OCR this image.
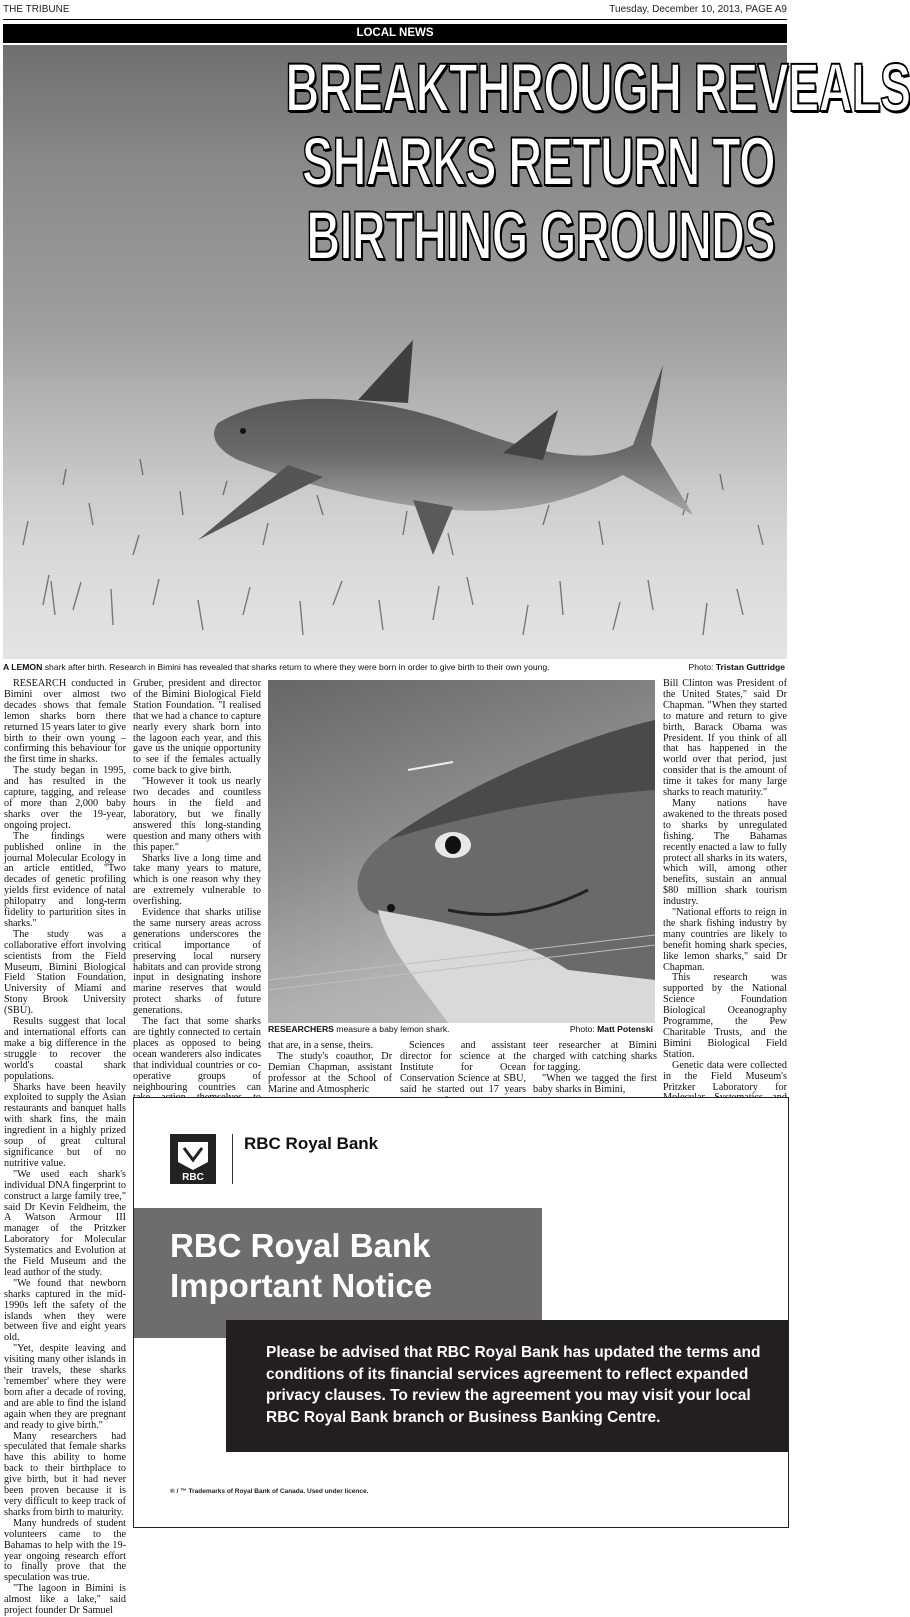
THE TRIBUNE	Tuesday, December 10, 2013, PAGE A9
LOCAL NEWS
BREAKTHROUGH REVEALS
SHARKS RETURN TO
BIRTHING GROUNDS
A LEMON shark after birth. Research in Bimini has revealed that sharks return to where they were born in order to give birth to their own young.	Photo: Tristan Guttridge

RESEARCH conducted in Bimini over almost two decades shows that female lemon sharks born there returned 15 years later to give birth to their own young – confirming this behaviour for the first time in sharks.

The study began in 1995, and has resulted in the capture, tagging, and release of more than 2,000 baby sharks over the 19-year, ongoing project.

The findings were published online in the journal Molecular Ecology in an article entitled, "Two decades of genetic profiling yields first evidence of natal philopatry and long-term fidelity to parturition sites in sharks."

The study was a collaborative effort involving scientists from the Field Museum, Bimini Biological Field Station Foundation, University of Miami and Stony Brook University (SBU).

Results suggest that local and international efforts can make a big difference in the struggle to recover the world's coastal shark populations.

Sharks have been heavily exploited to supply the Asian restaurants and banquet halls with shark fins, the main ingredient in a highly prized soup of great cultural significance but of no nutritive value.

"We used each shark's individual DNA fingerprint to construct a large family tree," said Dr Kevin Feldheim, the A Watson Armour III manager of the Pritzker Laboratory for Molecular Systematics and Evolution at the Field Museum and the lead author of the study.

"We found that newborn sharks captured in the mid-1990s left the safety of the islands when they were between five and eight years old.

"Yet, despite leaving and visiting many other islands in their travels, these sharks 'remember' where they were born after a decade of roving, and are able to find the island again when they are pregnant and ready to give birth."

Many researchers had speculated that female sharks have this ability to home back to their birthplace to give birth, but it had never been proven because it is very difficult to keep track of sharks from birth to maturity.

Many hundreds of student volunteers came to the Bahamas to help with the 19-year ongoing research effort to finally prove that the speculation was true.

"The lagoon in Bimini is almost like a lake," said project founder Dr Samuel

Gruber, president and director of the Bimini Biological Field Station Foundation. "I realised that we had a chance to capture nearly every shark born into the lagoon each year, and this gave us the unique opportunity to see if the females actually come back to give birth.

"However it took us nearly two decades and countless hours in the field and laboratory, but we finally answered this long-standing question and many others with this paper."

Sharks live a long time and take many years to mature, which is one reason why they are extremely vulnerable to overfishing.

Evidence that sharks utilise the same nursery areas across generations underscores the critical importance of preserving local nursery habitats and can provide strong input in designating inshore marine reserves that would protect sharks of future generations.

The fact that some sharks are tightly connected to certain places as opposed to being ocean wanderers also indicates that individual countries or co-operative groups of neighbouring countries can

RESEARCHERS measure a baby lemon shark.	Photo: Matt Potenski

that are, in a sense, theirs.

The study's coauthor, Dr Demian Chapman, assistant professor at the School of Marine and Atmospheric

Sciences and assistant director for science at the Institute for Ocean Conservation Science at SBU, said he started out 17 years

teer researcher at Bimini charged with catching sharks for tagging.

"When we tagged the first baby sharks in Bimini,

Bill Clinton was President of the United States," said Dr Chapman. "When they started to mature and return to give birth, Barack Obama was President. If you think of all that has happened in the world over that period, just consider that is the amount of time it takes for many large sharks to reach maturity."

Many nations have awakened to the threats posed to sharks by unregulated fishing. The Bahamas recently enacted a law to fully protect all sharks in its waters, which will, among other benefits, sustain an annual $80 million shark tourism industry.

"National efforts to reign in the shark fishing industry by many countries are likely to benefit homing shark species, like lemon sharks," said Dr Chapman.

This research was supported by the National Science Foundation Biological Oceanography Programme, the Pew Charitable Trusts, and the Bimini Biological Field Station.

Genetic data were collected in the Field Museum's Pritzker Laboratory for

RBC
RBC Royal Bank
RBC Royal Bank
Important Notice
Please be advised that RBC Royal Bank has updated the terms and conditions of its financial services agreement to reflect expanded privacy clauses. To review the agreement you may visit your local RBC Royal Bank branch or Business Banking Centre.
® / ™ Trademarks of Royal Bank of Canada. Used under licence.
